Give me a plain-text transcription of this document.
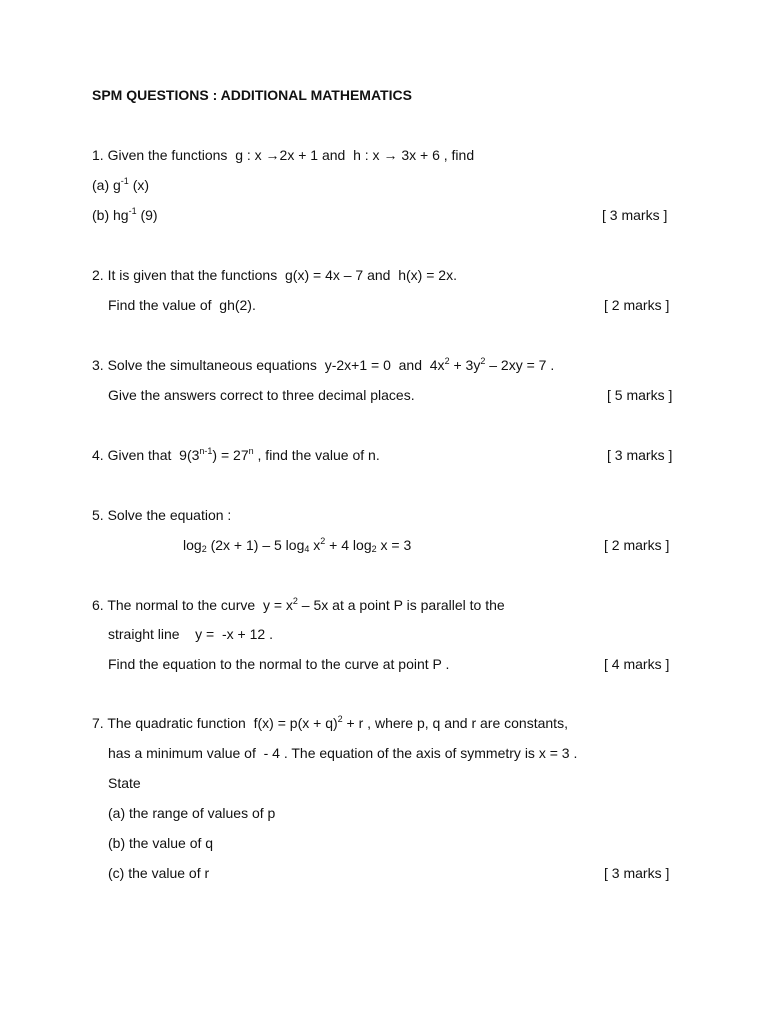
SPM QUESTIONS : ADDITIONAL MATHEMATICS
1. Given the functions  g : x →2x + 1 and  h : x → 3x + 6 , find
(a) $g^{-1}$ (x)
(b) $hg^{-1}$ (9)	[ 3 marks ]
2. It is given that the functions  g(x) = 4x – 7 and  h(x) = 2x.
Find the value of  gh(2).	[ 2 marks ]
3. Solve the simultaneous equations  y-2x+1 = 0  and  $4x^2 + 3y^2 - 2xy = 7$ .
Give the answers correct to three decimal places.	[ 5 marks ]
4. Given that  $9(3^{n-1}) = 27^n$ , find the value of n.	[ 3 marks ]
5. Solve the equation :
$\log_2 (2x + 1) - 5$ $\log_4 x^2 + 4$ $\log_2 x = 3$	[ 2 marks ]
6. The normal to the curve  $y = x^2 - 5x$ at a point P is parallel to the
straight line    y =  -x + 12 .
Find the equation to the normal to the curve at point P .	[ 4 marks ]
7. The quadratic function  $f(x) = p(x + q)^2 + r$ , where p, q and r are constants,
has a minimum value of  - 4 . The equation of the axis of symmetry is x = 3 .
State
(a) the range of values of p
(b) the value of q
(c) the value of r	[ 3 marks ]
